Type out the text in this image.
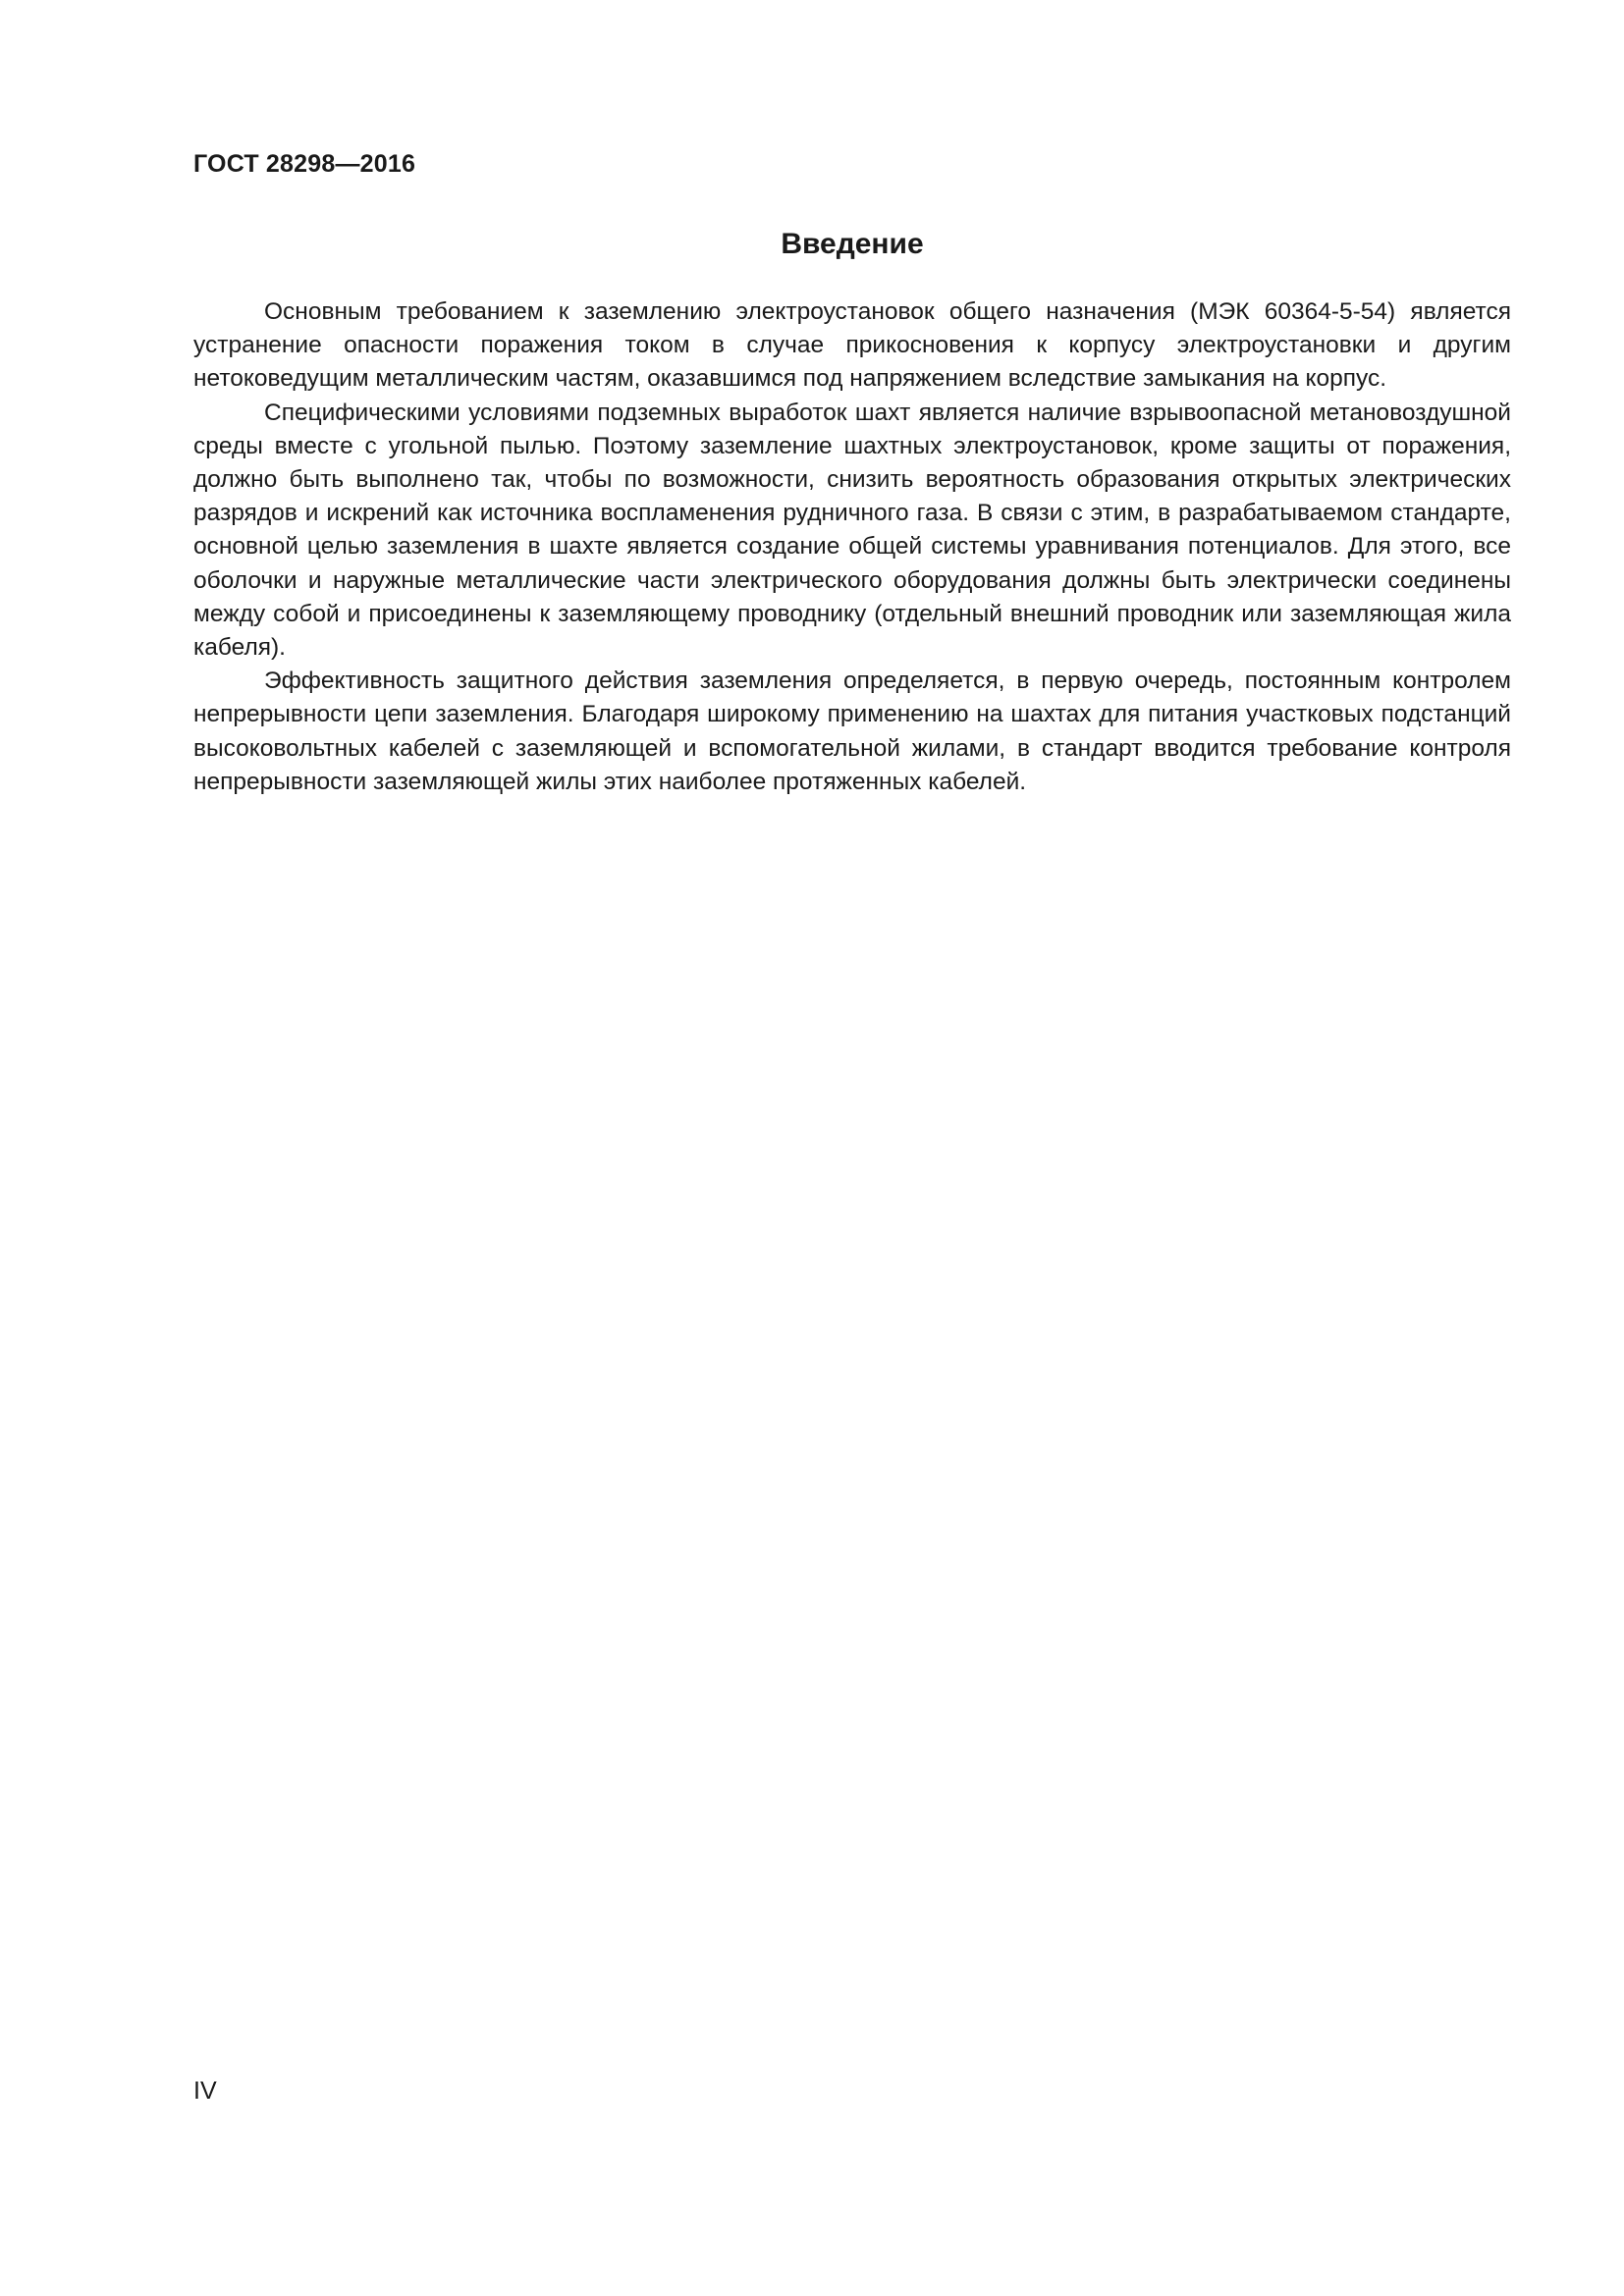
ГОСТ 28298—2016
Введение

Основным требованием к заземлению электроустановок общего назначения (МЭК 60364-5-54) является устранение опасности поражения током в случае прикосновения к корпусу электроустановки и другим нетоковедущим металлическим частям, оказавшимся под напряжением вследствие замыкания на корпус.

Специфическими условиями подземных выработок шахт является наличие взрывоопасной метановоздушной среды вместе с угольной пылью. Поэтому заземление шахтных электроустановок, кроме защиты от поражения, должно быть выполнено так, чтобы по возможности, снизить вероятность образования открытых электрических разрядов и искрений как источника воспламенения рудничного газа. В связи с этим, в разрабатываемом стандарте, основной целью заземления в шахте является создание общей системы уравнивания потенциалов. Для этого, все оболочки и наружные металлические части электрического оборудования должны быть электрически соединены между собой и присоединены к заземляющему проводнику (отдельный внешний проводник или заземляющая жила кабеля).

Эффективность защитного действия заземления определяется, в первую очередь, постоянным контролем непрерывности цепи заземления. Благодаря широкому применению на шахтах для питания участковых подстанций высоковольтных кабелей с заземляющей и вспомогательной жилами, в стандарт вводится требование контроля непрерывности заземляющей жилы этих наиболее протяженных кабелей.

IV
